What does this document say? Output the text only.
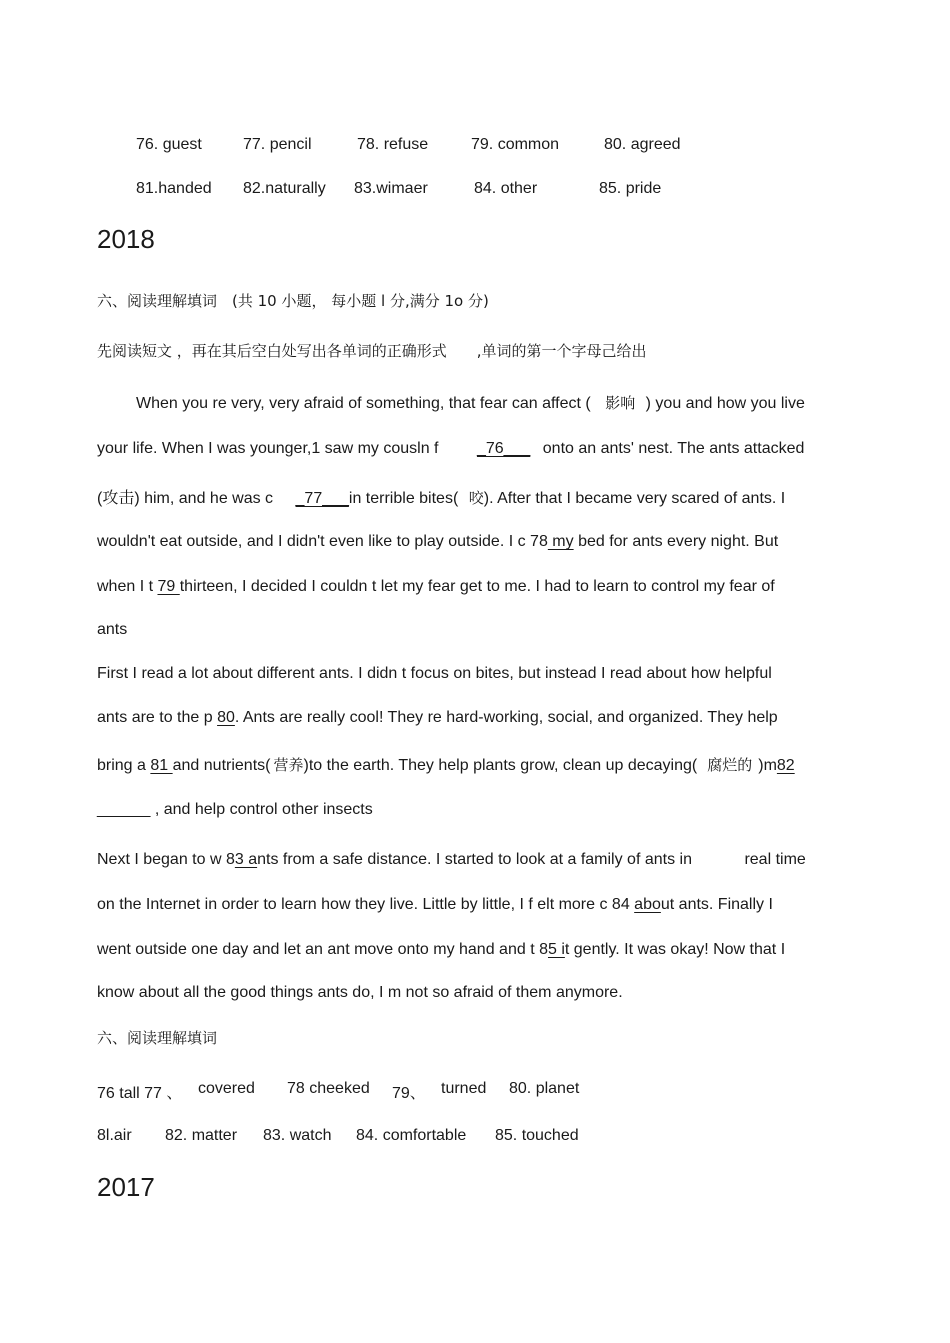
76. guest	77. pencil	78. refuse	79. common	80. agreed
81.handed 82.naturally 83.wimaer	84. other	85. pride
2018
六、阅读理解填词　(共 10 小题， 每小题 l 分,满分 1o 分)
先阅读短文 ，再在其后空白处写出各单词的正确形式　　,单词的第一个字母己给出
When you re very, very afraid of something, that fear can affect ( 影响 ) you and how you live
your life. When I was younger,1 saw my cousln f _76___ onto an ants' nest. The ants attacked
(攻击) him, and he was c _77___in terrible bites( 咬). After that I became very scared of ants. I
wouldn't eat outside, and I didn't even like to play outside. I c 78 my bed for ants every night. But
when I t 79 thirteen, I decided I couldn t let my fear get to me. I had to learn to control my fear of
ants
First I read a lot about different ants. I didn t focus on bites, but instead I read about how helpful
ants are to the p 80. Ants are really cool! They re hard-working, social, and organized. They help
bring a 81 and nutrients( 营养)to the earth. They help plants grow, clean up decaying( 腐烂的 )m82
______ , and help control other insects
Next I began to w 83 ants from a safe distance. I started to look at a family of ants in	real time
on the Internet in order to learn how they live. Little by little, I f elt more c 84 about ants. Finally I
went outside one day and let an ant move onto my hand and t 85 it gently. It was okay! Now that I
know about all the good things ants do, I m not so afraid of them anymore.
六、阅读理解填词
76 tall 77 、 covered 78 cheeked 79、 turned 80. planet
8l.air 82. matter 83. watch 84. comfortable 85. touched
2017
